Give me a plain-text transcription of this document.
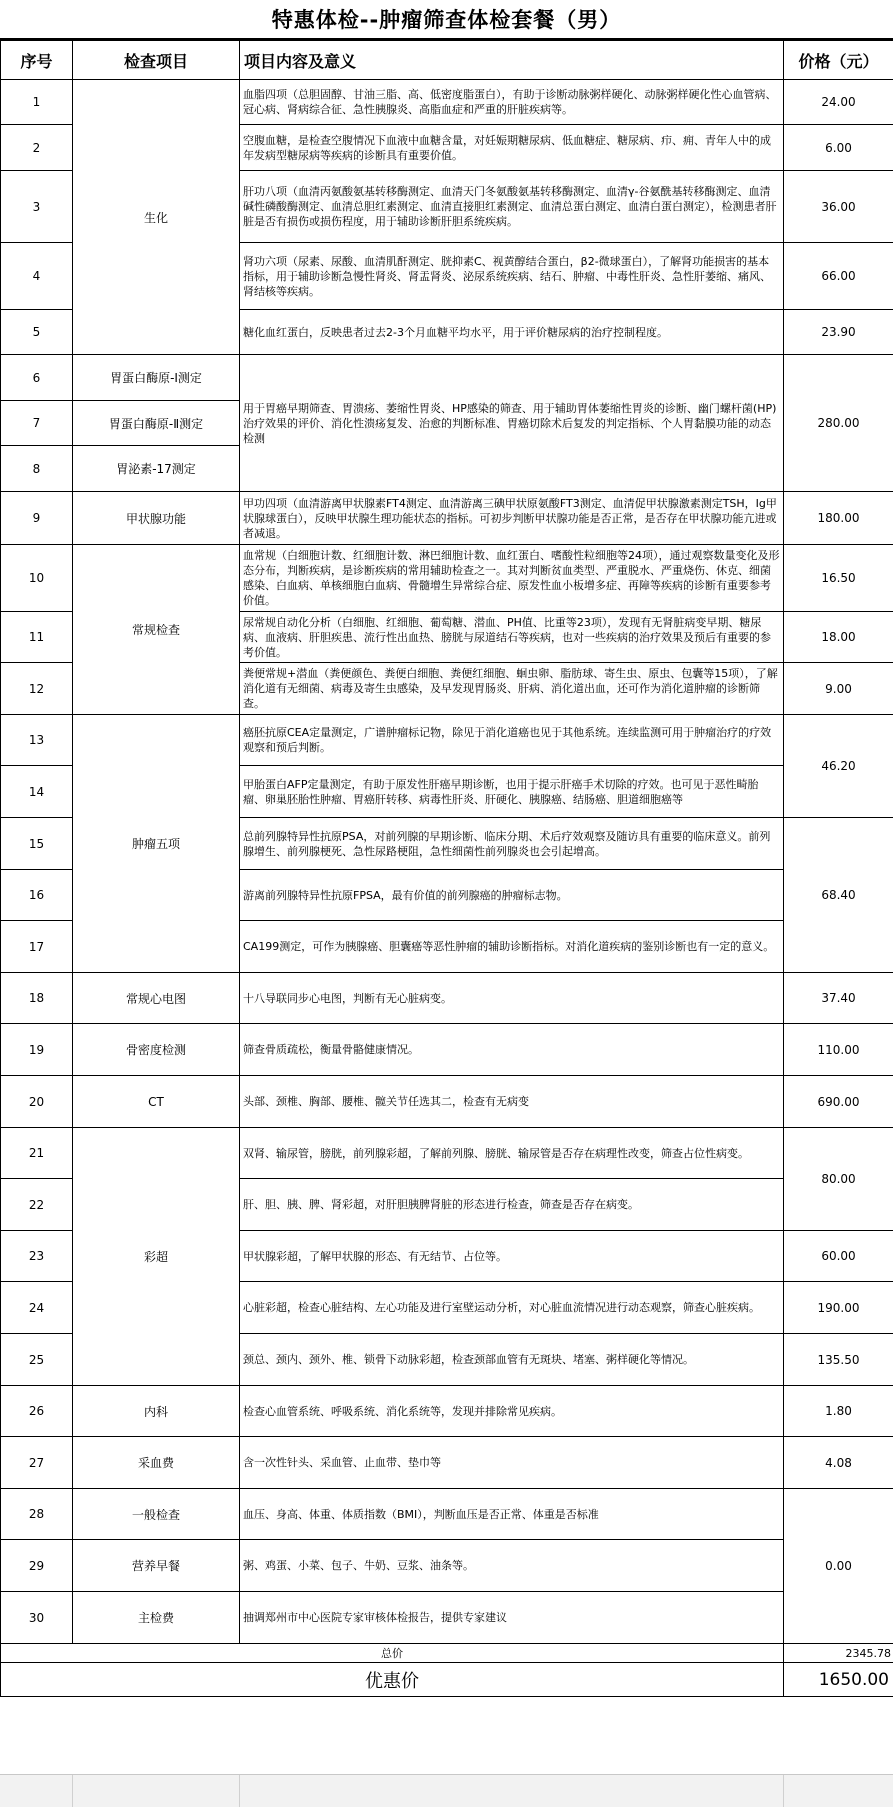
特惠体检--肿瘤筛查体检套餐（男）
序号	检查项目	项目内容及意义	价格（元）
1	生化	血脂四项（总胆固醇、甘油三脂、高、低密度脂蛋白），有助于诊断动脉粥样硬化、动脉粥样硬化性心血管病、冠心病、肾病综合征、急性胰腺炎、高脂血症和严重的肝脏疾病等。	24.00
2		空腹血糖，是检查空腹情况下血液中血糖含量，对妊娠期糖尿病、低血糖症、糖尿病、疖、痈、青年人中的成年发病型糖尿病等疾病的诊断具有重要价值。	6.00
3		肝功八项（血清丙氨酸氨基转移酶测定、血清天门冬氨酸氨基转移酶测定、血清γ-谷氨酰基转移酶测定、血清碱性磷酸酶测定、血清总胆红素测定、血清直接胆红素测定、血清总蛋白测定、血清白蛋白测定），检测患者肝脏是否有损伤或损伤程度，用于辅助诊断肝胆系统疾病。	36.00
4		肾功六项（尿素、尿酸、血清肌酐测定、胱抑素C、视黄醇结合蛋白，β2-微球蛋白），了解肾功能损害的基本指标，用于辅助诊断急慢性肾炎、肾盂肾炎、泌尿系统疾病、结石、肿瘤、中毒性肝炎、急性肝萎缩、痛风、肾结核等疾病。	66.00
5		糖化血红蛋白，反映患者过去2-3个月血糖平均水平，用于评价糖尿病的治疗控制程度。	23.90
6	胃蛋白酶原-Ⅰ测定	用于胃癌早期筛查、胃溃疡、萎缩性胃炎、HP感染的筛查、用于辅助胃体萎缩性胃炎的诊断、幽门螺杆菌(HP)治疗效果的评价、消化性溃疡复发、治愈的判断标准、胃癌切除术后复发的判定指标、个人胃黏膜功能的动态检测	280.00
7	胃蛋白酶原-Ⅱ测定		
8	胃泌素-17测定		
9	甲状腺功能	甲功四项（血清游离甲状腺素FT4测定、血清游离三碘甲状原氨酸FT3测定、血清促甲状腺激素测定TSH，Ig甲状腺球蛋白），反映甲状腺生理功能状态的指标。可初步判断甲状腺功能是否正常，是否存在甲状腺功能亢进或者减退。	180.00
10	常规检查	血常规（白细胞计数、红细胞计数、淋巴细胞计数、血红蛋白、嗜酸性粒细胞等24项），通过观察数量变化及形态分布，判断疾病，是诊断疾病的常用辅助检查之一。其对判断贫血类型、严重脱水、严重烧伤、休克、细菌感染、白血病、单核细胞白血病、骨髓增生异常综合症、原发性血小板增多症、再障等疾病的诊断有重要参考价值。	16.50
11		尿常规自动化分析（白细胞、红细胞、葡萄糖、潜血、PH值、比重等23项），发现有无肾脏病变早期、糖尿病、血液病、肝胆疾患、流行性出血热、膀胱与尿道结石等疾病，也对一些疾病的治疗效果及预后有重要的参考价值。	18.00
12		粪便常规+潜血（粪便颜色、粪便白细胞、粪便红细胞、蛔虫卵、脂肪球、寄生虫、原虫、包囊等15项），了解消化道有无细菌、病毒及寄生虫感染，及早发现胃肠炎、肝病、消化道出血，还可作为消化道肿瘤的诊断筛查。	9.00
13	肿瘤五项	癌胚抗原CEA定量测定，广谱肿瘤标记物，除见于消化道癌也见于其他系统。连续监测可用于肿瘤治疗的疗效观察和预后判断。	46.20
14		甲胎蛋白AFP定量测定，有助于原发性肝癌早期诊断，也用于提示肝癌手术切除的疗效。也可见于恶性畸胎瘤、卵巢胚胎性肿瘤、胃癌肝转移、病毒性肝炎、肝硬化、胰腺癌、结肠癌、胆道细胞癌等	
15		总前列腺特异性抗原PSA，对前列腺的早期诊断、临床分期、术后疗效观察及随访具有重要的临床意义。前列腺增生、前列腺梗死、急性尿路梗阻，急性细菌性前列腺炎也会引起增高。	68.40
16		游离前列腺特异性抗原FPSA，最有价值的前列腺癌的肿瘤标志物。	
17		CA199测定，可作为胰腺癌、胆囊癌等恶性肿瘤的辅助诊断指标。对消化道疾病的鉴别诊断也有一定的意义。	
18	常规心电图	十八导联同步心电图，判断有无心脏病变。	37.40
19	骨密度检测	筛查骨质疏松，衡量骨骼健康情况。	110.00
20	CT	头部、颈椎、胸部、腰椎、髋关节任选其二，检查有无病变	690.00
21	彩超	双肾、输尿管，膀胱，前列腺彩超，了解前列腺、膀胱、输尿管是否存在病理性改变，筛查占位性病变。	80.00
22		肝、胆、胰、脾、肾彩超，对肝胆胰脾肾脏的形态进行检查，筛查是否存在病变。	
23		甲状腺彩超，了解甲状腺的形态、有无结节、占位等。	60.00
24		心脏彩超，检查心脏结构、左心功能及进行室壁运动分析，对心脏血流情况进行动态观察，筛查心脏疾病。	190.00
25		颈总、颈内、颈外、椎、锁骨下动脉彩超，检查颈部血管有无斑块、堵塞、粥样硬化等情况。	135.50
26	内科	检查心血管系统、呼吸系统、消化系统等，发现并排除常见疾病。	1.80
27	采血费	含一次性针头、采血管、止血带、垫巾等	4.08
28	一般检查	血压、身高、体重、体质指数（BMI），判断血压是否正常、体重是否标准	0.00
29	营养早餐	粥、鸡蛋、小菜、包子、牛奶、豆浆、油条等。	
30	主检费	抽调郑州市中心医院专家审核体检报告，提供专家建议	
总价			2345.78
优惠价			1650.00
